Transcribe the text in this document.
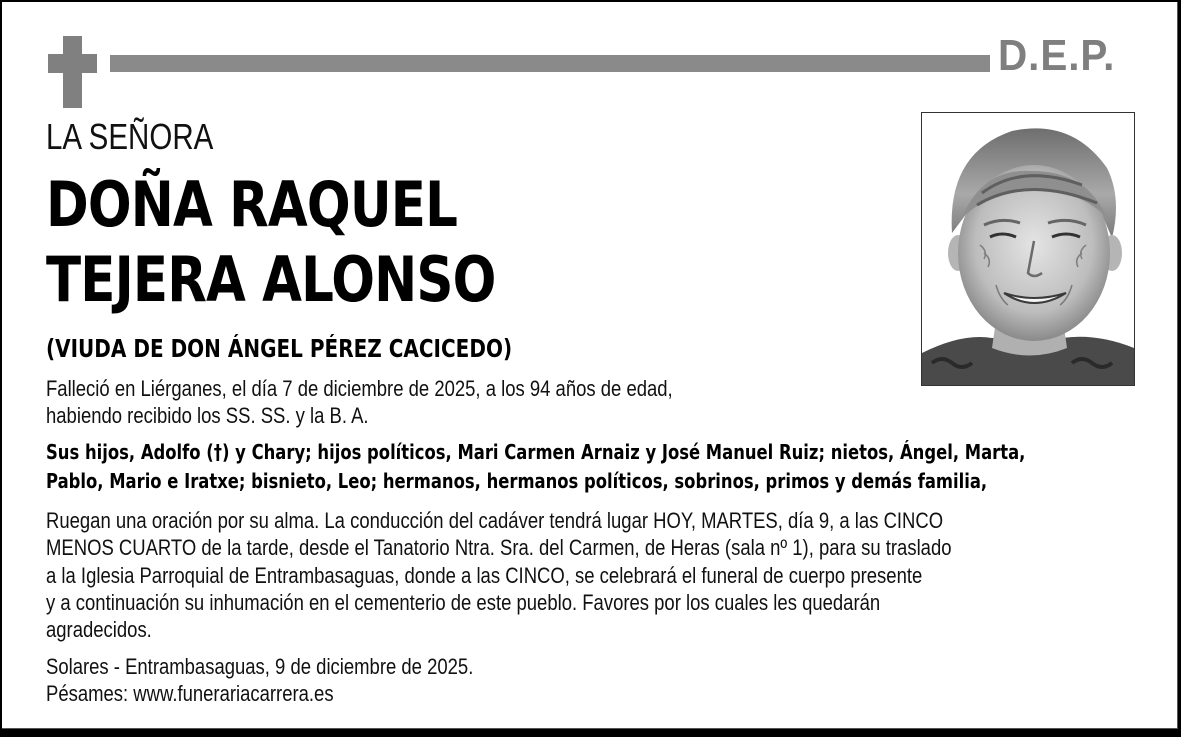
D.E.P.
LA SEÑORA
DOÑA RAQUEL
TEJERA ALONSO
(VIUDA DE DON ÁNGEL PÉREZ CACICEDO)
Falleció en Liérganes, el día 7 de diciembre de 2025, a los 94 años de edad,
habiendo recibido los SS. SS. y la B. A.
Sus hijos, Adolfo (†) y Chary; hijos políticos, Mari Carmen Arnaiz y José Manuel Ruiz; nietos, Ángel, Marta,
Pablo, Mario e Iratxe; bisnieto, Leo; hermanos, hermanos políticos, sobrinos, primos y demás familia,
Ruegan una oración por su alma. La conducción del cadáver tendrá lugar HOY, MARTES, día 9, a las CINCO
MENOS CUARTO de la tarde, desde el Tanatorio Ntra. Sra. del Carmen, de Heras (sala nº 1), para su traslado
a la Iglesia Parroquial de Entrambasaguas, donde a las CINCO, se celebrará el funeral de cuerpo presente
y a continuación su inhumación en el cementerio de este pueblo. Favores por los cuales les quedarán
agradecidos.
Solares - Entrambasaguas, 9 de diciembre de 2025.
Pésames: www.funerariacarrera.es
